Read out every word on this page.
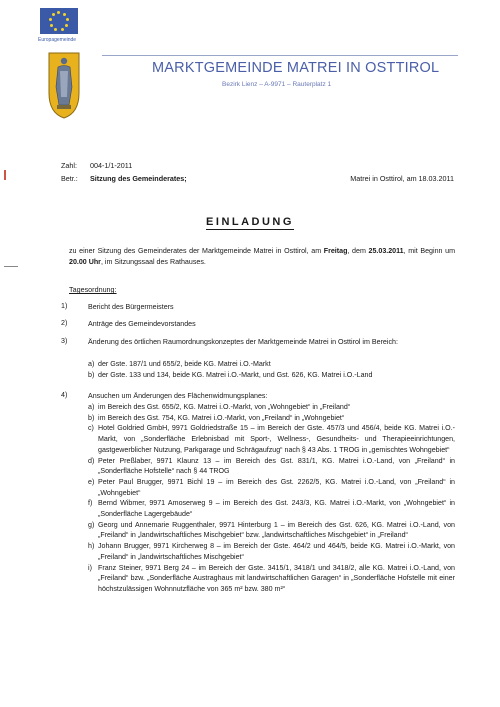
Europagemeinde
MARKTGEMEINDE MATREI IN OSTTIROL
Bezirk Lienz – A-9971 – Rauterplatz 1
Zahl: 004-1/1-2011
Betr.: Sitzung des Gemeinderates;	Matrei in Osttirol, am 18.03.2011
EINLADUNG
zu einer Sitzung des Gemeinderates der Marktgemeinde Matrei in Osttirol, am Freitag, dem 25.03.2011, mit Beginn um 20.00 Uhr, im Sitzungssaal des Rathauses.
Tagesordnung:
1)	Bericht des Bürgermeisters
2)	Anträge des Gemeindevorstandes
3)	Änderung des örtlichen Raumordnungskonzeptes der Marktgemeinde Matrei in Osttirol im Bereich:
a) der Gste. 187/1 und 655/2, beide KG. Matrei i.O.-Markt
b) der Gste. 133 und 134, beide KG. Matrei i.O.-Markt, und Gst. 626, KG. Matrei i.O.-Land
4)	Ansuchen um Änderungen des Flächenwidmungsplanes:
a) im Bereich des Gst. 655/2, KG. Matrei i.O.-Markt, von „Wohngebiet“ in „Freiland“
b) im Bereich des Gst. 754, KG. Matrei i.O.-Markt, von „Freiland“ in „Wohngebiet“
c) Hotel Goldried GmbH, 9971 Goldriedstraße 15 – im Bereich der Gste. 457/3 und 456/4, beide KG. Matrei i.O.-Markt, von „Sonderfläche Erlebnisbad mit Sport-, Wellness-, Gesundheits- und Therapieeinrichtungen, gastgewerblicher Nutzung, Parkgarage und Schrägaufzug“ nach § 43 Abs. 1 TROG in „gemischtes Wohngebiet“
d) Peter Preßlaber, 9971 Klaunz 13 – im Bereich des Gst. 831/1, KG. Matrei i.O.-Land, von „Freiland“ in „Sonderfläche Hofstelle“ nach § 44 TROG
e) Peter Paul Brugger, 9971 Bichl 19 – im Bereich des Gst. 2262/5, KG. Matrei i.O.-Land, von „Freiland“ in „Wohngebiet“
f) Bernd Wibmer, 9971 Amoserweg 9 – im Bereich des Gst. 243/3, KG. Matrei i.O.-Markt, von „Wohngebiet“ in „Sonderfläche Lagergebäude“
g) Georg und Annemarie Ruggenthaler, 9971 Hinterburg 1 – im Bereich des Gst. 626, KG. Matrei i.O.-Land, von „Freiland“ in „landwirtschaftliches Mischgebiet“ bzw. „landwirtschaftliches Mischgebiet“ in „Freiland“
h) Johann Brugger, 9971 Kircherweg 8 – im Bereich der Gste. 464/2 und 464/5, beide KG. Matrei i.O.-Markt, von „Freiland“ in „landwirtschaftliches Mischgebiet“
i) Franz Steiner, 9971 Berg 24 – im Bereich der Gste. 3415/1, 3418/1 und 3418/2, alle KG. Matrei i.O.-Land, von „Freiland“ bzw. „Sonderfläche Austraghaus mit landwirtschaftlichen Garagen“ in „Sonderfläche Hofstelle mit einer höchstzulässigen Wohnnutzfläche von 365 m² bzw. 380 m²“
